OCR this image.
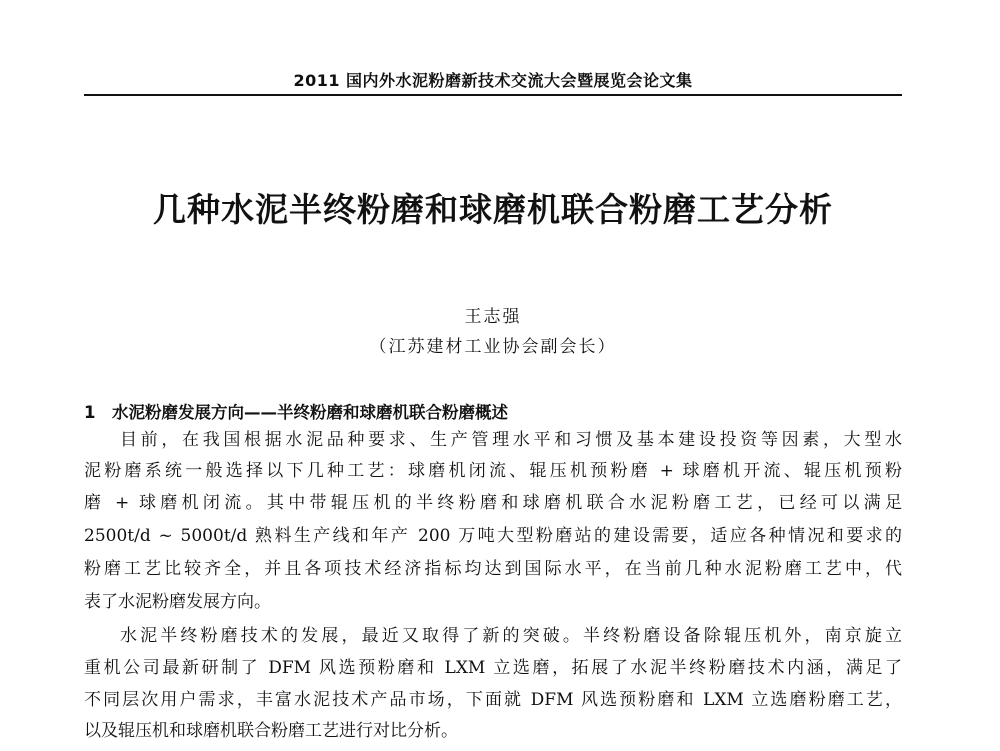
2011 国内外水泥粉磨新技术交流大会暨展览会论文集
几种水泥半终粉磨和球磨机联合粉磨工艺分析
王志强
（江苏建材工业协会副会长）
1 水泥粉磨发展方向——半终粉磨和球磨机联合粉磨概述
目前，在我国根据水泥品种要求、生产管理水平和习惯及基本建设投资等因素，大型水
泥粉磨系统一般选择以下几种工艺：球磨机闭流、辊压机预粉磨 + 球磨机开流、辊压机预粉
磨 + 球磨机闭流。其中带辊压机的半终粉磨和球磨机联合水泥粉磨工艺，已经可以满足
2500t/d ~ 5000t/d 熟料生产线和年产 200 万吨大型粉磨站的建设需要，适应各种情况和要求的
粉磨工艺比较齐全，并且各项技术经济指标均达到国际水平，在当前几种水泥粉磨工艺中，代
表了水泥粉磨发展方向。
水泥半终粉磨技术的发展，最近又取得了新的突破。半终粉磨设备除辊压机外，南京旋立
重机公司最新研制了 DFM 风选预粉磨和 LXM 立选磨，拓展了水泥半终粉磨技术内涵，满足了
不同层次用户需求，丰富水泥技术产品市场，下面就 DFM 风选预粉磨和 LXM 立选磨粉磨工艺，
以及辊压机和球磨机联合粉磨工艺进行对比分析。
